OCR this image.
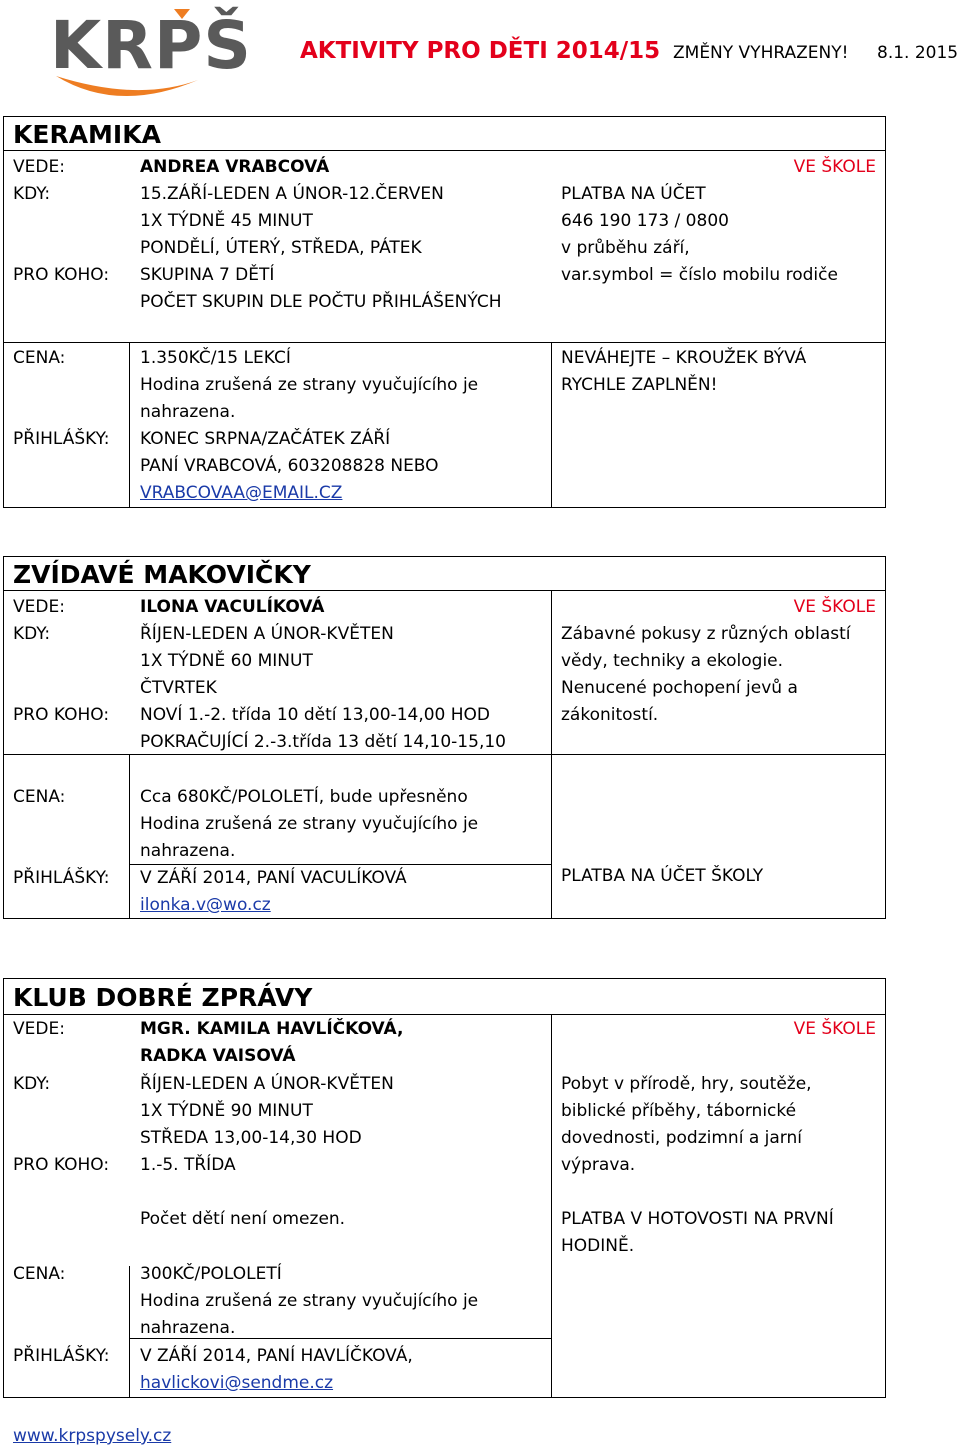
KRPŠ AKTIVITY PRO DĚTI 2014/15 ZMĚNY VYHRAZENY! 8.1. 2015
KERAMIKA
VEDE:	ANDREA VRABCOVÁ	VE ŠKOLE
KDY:	15.ZÁŘÍ-LEDEN A ÚNOR-12.ČERVEN
1X TÝDNĚ 45 MINUT
PONDĚLÍ, ÚTERÝ, STŘEDA, PÁTEK
PRO KOHO: SKUPINA 7 DĚTÍ
POČET SKUPIN DLE POČTU PŘIHLÁŠENÝCH
PLATBA NA ÚČET
646 190 173 / 0800
v průběhu září,
var.symbol = číslo mobilu rodiče
CENA:	1.350KČ/15 LEKCÍ
Hodina zrušená ze strany vyučujícího je
nahrazena.
PŘIHLÁŠKY: KONEC SRPNA/ZAČÁTEK ZÁŘÍ
PANÍ VRABCOVÁ, 603208828 NEBO
VRABCOVAA@EMAIL.CZ
NEVÁHEJTE – KROUŽEK BÝVÁ
RYCHLE ZAPLNĚN!
ZVÍDAVÉ MAKOVIČKY
VEDE:	ILONA VACULÍKOVÁ	VE ŠKOLE
KDY:	ŘÍJEN-LEDEN A ÚNOR-KVĚTEN
1X TÝDNĚ 60 MINUT
ČTVRTEK
PRO KOHO: NOVÍ 1.-2. třída 10 dětí 13,00-14,00 HOD
POKRAČUJÍCÍ 2.-3.třída 13 dětí 14,10-15,10
Zábavné pokusy z různých oblastí
vědy, techniky a ekologie.
Nenucené pochopení jevů a
zákonitostí.
CENA:	Cca 680KČ/POLOLETÍ, bude upřesněno
Hodina zrušená ze strany vyučujícího je
nahrazena.
PŘIHLÁŠKY: V ZÁŘÍ 2014, PANÍ VACULÍKOVÁ
ilonka.v@wo.cz
PLATBA NA ÚČET ŠKOLY
KLUB DOBRÉ ZPRÁVY
VEDE:	MGR. KAMILA HAVLÍČKOVÁ,
RADKA VAISOVÁ
VE ŠKOLE
KDY:	ŘÍJEN-LEDEN A ÚNOR-KVĚTEN
1X TÝDNĚ 90 MINUT
STŘEDA 13,00-14,30 HOD
PRO KOHO: 1.-5. TŘÍDA
Pobyt v přírodě, hry, soutěže,
biblické příběhy, tábornické
dovednosti, podzimní a jarní
výprava.
Počet dětí není omezen.	PLATBA V HOTOVOSTI NA PRVNÍ
HODINĚ.
CENA:	300KČ/POLOLETÍ
Hodina zrušená ze strany vyučujícího je
nahrazena.
PŘIHLÁŠKY: V ZÁŘÍ 2014, PANÍ HAVLÍČKOVÁ,
havlickovi@sendme.cz
www.krpspysely.cz
